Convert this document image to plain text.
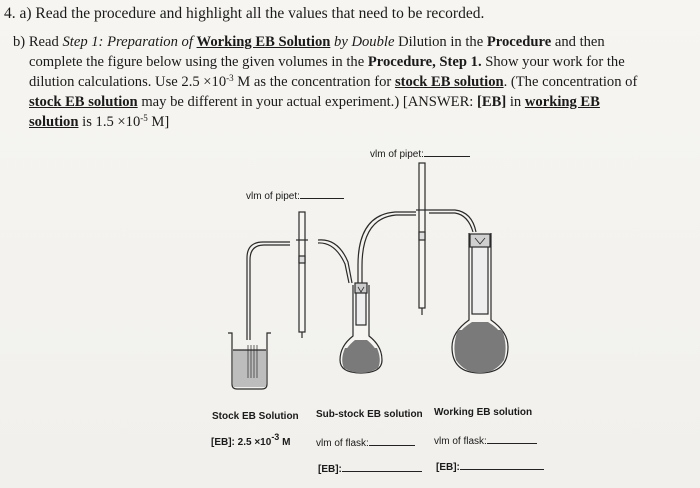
4. a) Read the procedure and highlight all the values that need to be recorded.
b) Read Step 1: Preparation of Working EB Solution by Double Dilution in the Procedure and then
complete the figure below using the given volumes in the Procedure, Step 1. Show your work for the
dilution calculations. Use $2.5 \times 10^{-3}$ M as the concentration for stock EB solution. (The concentration of
stock EB solution may be different in your actual experiment.) [ANSWER: [EB] in working EB
solution is $1.5 \times 10^{-5}$ M]
vlm of pipet:
vlm of pipet:
Stock EB Solution Sub-stock EB solution Working EB solution
[EB]: $2.5 \times 10^{-3}$ M	vlm of flask:	vlm of flask:
[EB]:	[EB]:
